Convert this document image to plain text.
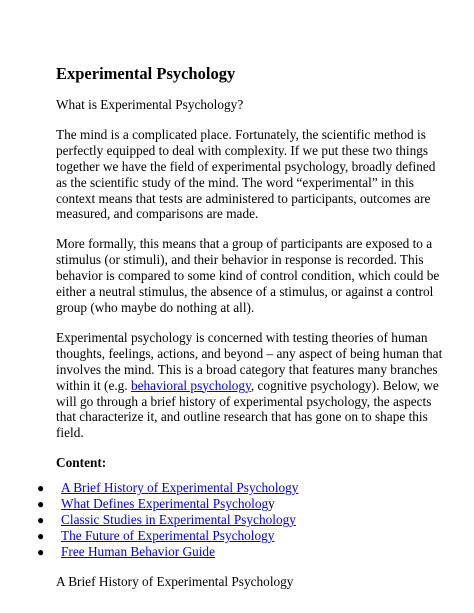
Experimental Psychology
What is Experimental Psychology?
The mind is a complicated place. Fortunately, the scientific method is
perfectly equipped to deal with complexity. If we put these two things
together we have the field of experimental psychology, broadly defined
as the scientific study of the mind. The word “experimental” in this
context means that tests are administered to participants, outcomes are
measured, and comparisons are made.
More formally, this means that a group of participants are exposed to a
stimulus (or stimuli), and their behavior in response is recorded. This
behavior is compared to some kind of control condition, which could be
either a neutral stimulus, the absence of a stimulus, or against a control
group (who maybe do nothing at all).
Experimental psychology is concerned with testing theories of human
thoughts, feelings, actions, and beyond – any aspect of being human that
involves the mind. This is a broad category that features many branches
within it (e.g. behavioral psychology, cognitive psychology). Below, we
will go through a brief history of experimental psychology, the aspects
that characterize it, and outline research that has gone on to shape this
field.
Content:
● A Brief History of Experimental Psychology
● What Defines Experimental Psychology
● Classic Studies in Experimental Psychology
● The Future of Experimental Psychology
● Free Human Behavior Guide
A Brief History of Experimental Psychology
